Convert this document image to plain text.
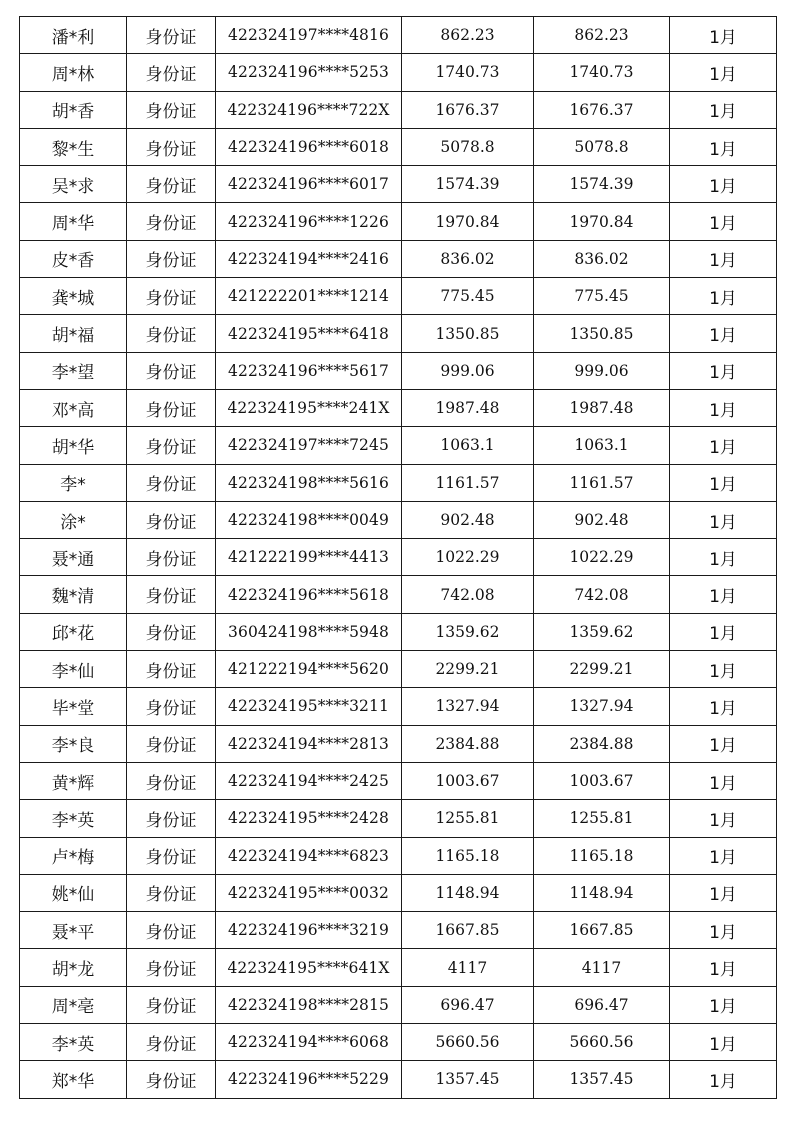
潘*利	身份证	422324197****4816	862.23	862.23	1月
周*林	身份证	422324196****5253	1740.73	1740.73	1月
胡*香	身份证	422324196****722X	1676.37	1676.37	1月
黎*生	身份证	422324196****6018	5078.8	5078.8	1月
吴*求	身份证	422324196****6017	1574.39	1574.39	1月
周*华	身份证	422324196****1226	1970.84	1970.84	1月
皮*香	身份证	422324194****2416	836.02	836.02	1月
龚*城	身份证	421222201****1214	775.45	775.45	1月
胡*福	身份证	422324195****6418	1350.85	1350.85	1月
李*望	身份证	422324196****5617	999.06	999.06	1月
邓*高	身份证	422324195****241X	1987.48	1987.48	1月
胡*华	身份证	422324197****7245	1063.1	1063.1	1月
李*	身份证	422324198****5616	1161.57	1161.57	1月
涂*	身份证	422324198****0049	902.48	902.48	1月
聂*通	身份证	421222199****4413	1022.29	1022.29	1月
魏*清	身份证	422324196****5618	742.08	742.08	1月
邱*花	身份证	360424198****5948	1359.62	1359.62	1月
李*仙	身份证	421222194****5620	2299.21	2299.21	1月
毕*堂	身份证	422324195****3211	1327.94	1327.94	1月
李*良	身份证	422324194****2813	2384.88	2384.88	1月
黄*辉	身份证	422324194****2425	1003.67	1003.67	1月
李*英	身份证	422324195****2428	1255.81	1255.81	1月
卢*梅	身份证	422324194****6823	1165.18	1165.18	1月
姚*仙	身份证	422324195****0032	1148.94	1148.94	1月
聂*平	身份证	422324196****3219	1667.85	1667.85	1月
胡*龙	身份证	422324195****641X	4117	4117	1月
周*亳	身份证	422324198****2815	696.47	696.47	1月
李*英	身份证	422324194****6068	5660.56	5660.56	1月
郑*华	身份证	422324196****5229	1357.45	1357.45	1月
